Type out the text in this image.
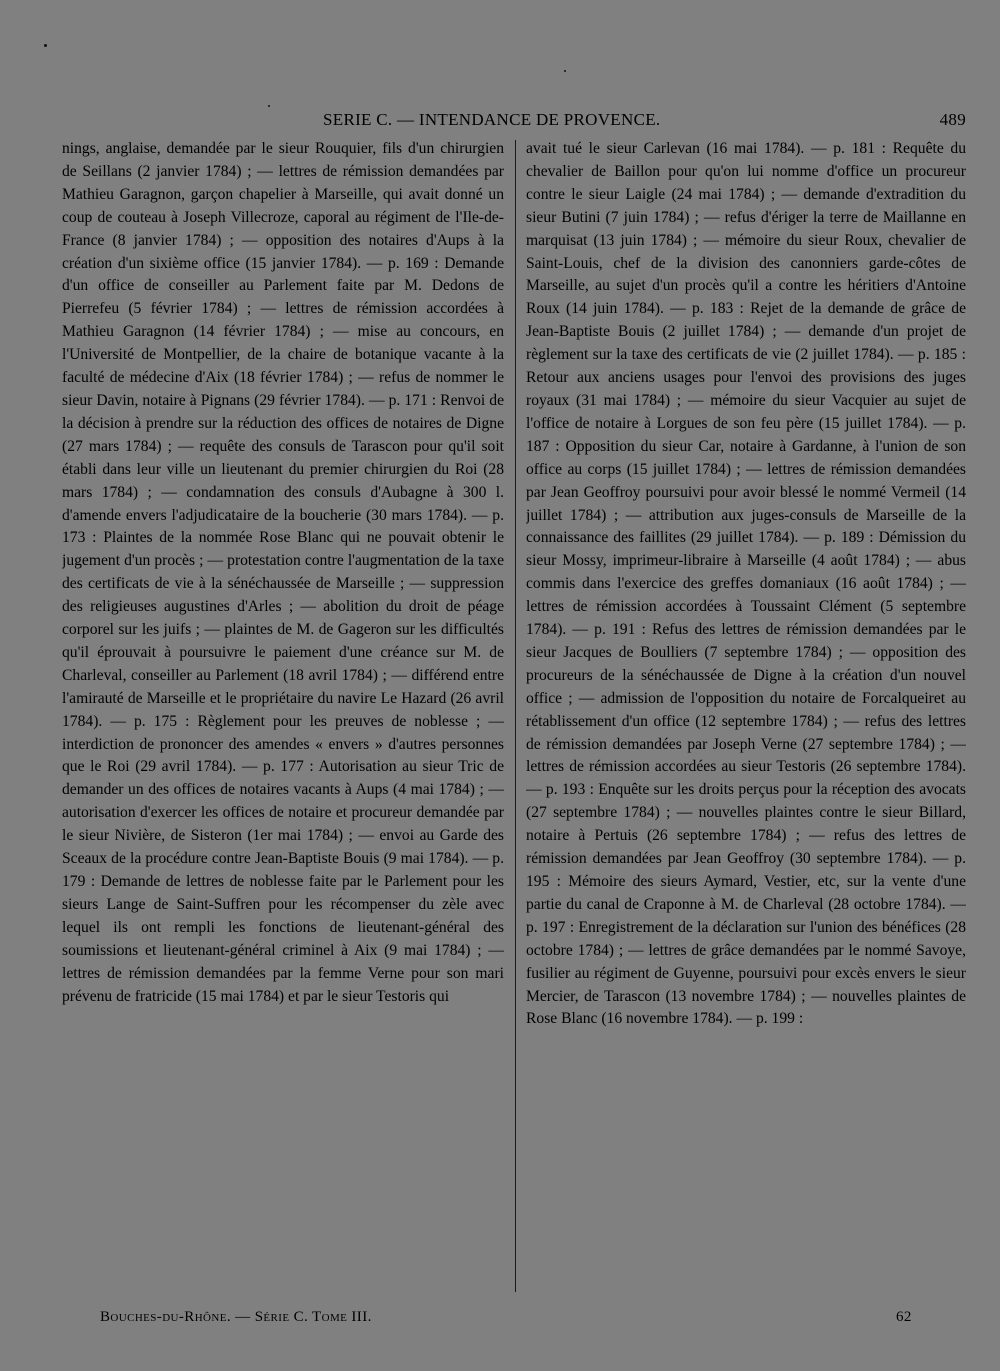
SERIE C. — INTENDANCE DE PROVENCE.	489

nings, anglaise, demandée par le sieur Rouquier, fils d'un chirurgien de Seillans (2 janvier 1784) ; — lettres de rémission demandées par Mathieu Garagnon, garçon chapelier à Marseille, qui avait donné un coup de couteau à Joseph Villecroze, caporal au régiment de l'Ile-de-France (8 janvier 1784) ; — opposition des notaires d'Aups à la création d'un sixième office (15 janvier 1784). — p. 169 : Demande d'un office de conseiller au Parlement faite par M. Dedons de Pierrefeu (5 février 1784) ; — lettres de rémission accordées à Mathieu Garagnon (14 février 1784) ; — mise au concours, en l'Université de Montpellier, de la chaire de botanique vacante à la faculté de médecine d'Aix (18 février 1784) ; — refus de nommer le sieur Davin, notaire à Pignans (29 février 1784). — p. 171 : Renvoi de la décision à prendre sur la réduction des offices de notaires de Digne (27 mars 1784) ; — requête des consuls de Tarascon pour qu'il soit établi dans leur ville un lieutenant du premier chirurgien du Roi (28 mars 1784) ; — condamnation des consuls d'Aubagne à 300 l. d'amende envers l'adjudicataire de la boucherie (30 mars 1784). — p. 173 : Plaintes de la nommée Rose Blanc qui ne pouvait obtenir le jugement d'un procès ; — protestation contre l'augmentation de la taxe des certificats de vie à la sénéchaussée de Marseille ; — suppression des religieuses augustines d'Arles ; — abolition du droit de péage corporel sur les juifs ; — plaintes de M. de Gageron sur les difficultés qu'il éprouvait à poursuivre le paiement d'une créance sur M. de Charleval, conseiller au Parlement (18 avril 1784) ; — différend entre l'amirauté de Marseille et le propriétaire du navire Le Hazard (26 avril 1784). — p. 175 : Règlement pour les preuves de noblesse ; — interdiction de prononcer des amendes « envers » d'autres personnes que le Roi (29 avril 1784). — p. 177 : Autorisation au sieur Tric de demander un des offices de notaires vacants à Aups (4 mai 1784) ; — autorisation d'exercer les offices de notaire et procureur demandée par le sieur Nivière, de Sisteron (1er mai 1784) ; — envoi au Garde des Sceaux de la procédure contre Jean-Baptiste Bouis (9 mai 1784). — p. 179 : Demande de lettres de noblesse faite par le Parlement pour les sieurs Lange de Saint-Suffren pour les récompenser du zèle avec lequel ils ont rempli les fonctions de lieutenant-général des soumissions et lieutenant-général criminel à Aix (9 mai 1784) ; — lettres de rémission demandées par la femme Verne pour son mari prévenu de fratricide (15 mai 1784) et par le sieur Testoris qui

avait tué le sieur Carlevan (16 mai 1784). — p. 181 : Requête du chevalier de Baillon pour qu'on lui nomme d'office un procureur contre le sieur Laigle (24 mai 1784) ; — demande d'extradition du sieur Butini (7 juin 1784) ; — refus d'ériger la terre de Maillanne en marquisat (13 juin 1784) ; — mémoire du sieur Roux, chevalier de Saint-Louis, chef de la division des canonniers garde-côtes de Marseille, au sujet d'un procès qu'il a contre les héritiers d'Antoine Roux (14 juin 1784). — p. 183 : Rejet de la demande de grâce de Jean-Baptiste Bouis (2 juillet 1784) ; — demande d'un projet de règlement sur la taxe des certificats de vie (2 juillet 1784). — p. 185 : Retour aux anciens usages pour l'envoi des provisions des juges royaux (31 mai 1784) ; — mémoire du sieur Vacquier au sujet de l'office de notaire à Lorgues de son feu père (15 juillet 1784). — p. 187 : Opposition du sieur Car, notaire à Gardanne, à l'union de son office au corps (15 juillet 1784) ; — lettres de rémission demandées par Jean Geoffroy poursuivi pour avoir blessé le nommé Vermeil (14 juillet 1784) ; — attribution aux juges-consuls de Marseille de la connaissance des faillites (29 juillet 1784). — p. 189 : Démission du sieur Mossy, imprimeur-libraire à Marseille (4 août 1784) ; — abus commis dans l'exercice des greffes domaniaux (16 août 1784) ; — lettres de rémission accordées à Toussaint Clément (5 septembre 1784). — p. 191 : Refus des lettres de rémission demandées par le sieur Jacques de Boulliers (7 septembre 1784) ; — opposition des procureurs de la sénéchaussée de Digne à la création d'un nouvel office ; — admission de l'opposition du notaire de Forcalqueiret au rétablissement d'un office (12 septembre 1784) ; — refus des lettres de rémission demandées par Joseph Verne (27 septembre 1784) ; — lettres de rémission accordées au sieur Testoris (26 septembre 1784). — p. 193 : Enquête sur les droits perçus pour la réception des avocats (27 septembre 1784) ; — nouvelles plaintes contre le sieur Billard, notaire à Pertuis (26 septembre 1784) ; — refus des lettres de rémission demandées par Jean Geoffroy (30 septembre 1784). — p. 195 : Mémoire des sieurs Aymard, Vestier, etc, sur la vente d'une partie du canal de Craponne à M. de Charleval (28 octobre 1784). — p. 197 : Enregistrement de la déclaration sur l'union des bénéfices (28 octobre 1784) ; — lettres de grâce demandées par le nommé Savoye, fusilier au régiment de Guyenne, poursuivi pour excès envers le sieur Mercier, de Tarascon (13 novembre 1784) ; — nouvelles plaintes de Rose Blanc (16 novembre 1784). — p. 199 :

Bouches-du-Rhône. — Série C. Tome III.	62
